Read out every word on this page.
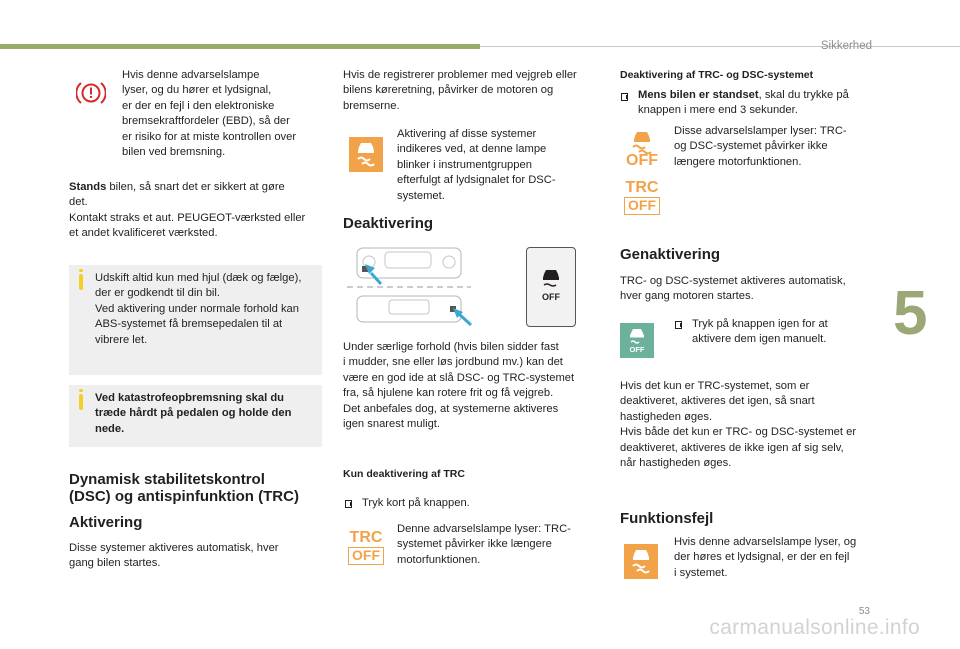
Sikkerhed
5
53
carmanualsonline.info

Hvis denne advarselslampe
lyser, og du hører et lydsignal,
er der en fejl i den elektroniske
bremsekraftfordeler (EBD), så der
er risiko for at miste kontrollen over
bilen ved bremsning.

Stands bilen, så snart det er sikkert at gøre
det.
Kontakt straks et aut. PEUGEOT-værksted eller
et andet kvalificeret værksted.

Udskift altid kun med hjul (dæk og fælge),
der er godkendt til din bil.
Ved aktivering under normale forhold kan
ABS-systemet få bremsepedalen til at
vibrere let.

Ved katastrofeopbremsning skal du
træde hårdt på pedalen og holde den
nede.

Dynamisk stabilitetskontrol
(DSC) og antispinfunktion (TRC)
Aktivering

Disse systemer aktiveres automatisk, hver
gang bilen startes.

Hvis de registrerer problemer med vejgreb eller
bilens køreretning, påvirker de motoren og
bremserne.

Aktivering af disse systemer
indikeres ved, at denne lampe
blinker i instrumentgruppen
efterfulgt af lydsignalet for DSC-
systemet.

Deaktivering
OFF

Under særlige forhold (hvis bilen sidder fast
i mudder, sne eller løs jordbund mv.) kan det
være en god ide at slå DSC- og TRC-systemet
fra, så hjulene kan rotere frit og få vejgreb.
Det anbefales dog, at systemerne aktiveres
igen snarest muligt.

Kun deaktivering af TRC

Tryk kort på knappen.

TRC
OFF

Denne advarselslampe lyser: TRC-
systemet påvirker ikke længere
motorfunktionen.

Deaktivering af TRC- og DSC-systemet

Mens bilen er standset, skal du trykke på
knappen i mere end 3 sekunder.

OFF

Disse advarselslamper lyser: TRC-
og DSC-systemet påvirker ikke
længere motorfunktionen.

TRC
OFF
Genaktivering

TRC- og DSC-systemet aktiveres automatisk,
hver gang motoren startes.

OFF

Tryk på knappen igen for at
aktivere dem igen manuelt.

Hvis det kun er TRC-systemet, som er
deaktiveret, aktiveres det igen, så snart
hastigheden øges.
Hvis både det kun er TRC- og DSC-systemet er
deaktiveret, aktiveres de ikke igen af sig selv,
når hastigheden øges.

Funktionsfejl

Hvis denne advarselslampe lyser, og
der høres et lydsignal, er der en fejl
i systemet.
